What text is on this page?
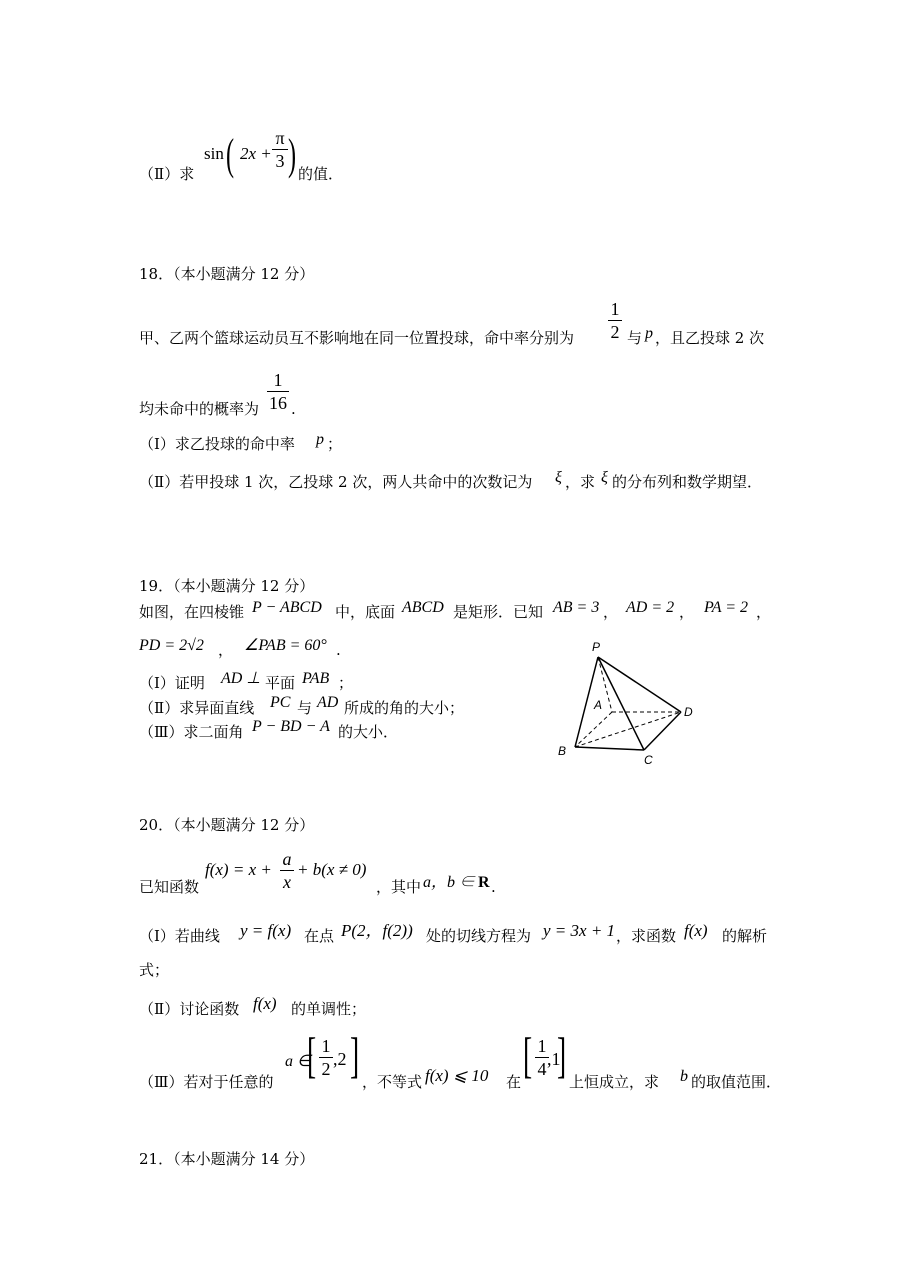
（Ⅱ）求
sin ( 2x +
π
3 ) 的值．
18．（本小题满分 12 分）
甲、乙两个篮球运动员互不影响地在同一位置投球，命中率分别为
1
2 与 p ，且乙投球 2 次
均未命中的概率为
1
16 .
（Ⅰ）求乙投球的命中率 p ；
（Ⅱ）若甲投球 1 次，乙投球 2 次，两人共命中的次数记为 ξ ，求 ξ 的分布列和数学期望．
19．（本小题满分 12 分）
如图，在四棱锥 P − ABCD 中，底面 ABCD 是矩形．已知 AB = 3 ， AD = 2 ， PA = 2 ，
PD = 2√2 ， ∠PAB = 60° .
（Ⅰ）证明 AD ⊥ 平面 PAB ；
（Ⅱ）求异面直线 PC 与 AD 所成的角的大小；
（Ⅲ）求二面角 P − BD − A 的大小．
P
A
B
C
D
20．（本小题满分 12 分）
已知函数
f(x) = x +
a
x
+ b(x ≠ 0)
，其中 a，b ∈ R .
（Ⅰ）若曲线 y = f(x) 在点 P(2，f(2)) 处的切线方程为 y = 3x + 1 ，求函数 f(x) 的解析
式；
（Ⅱ）讨论函数 f(x) 的单调性；
（Ⅲ）若对于任意的
a ∈
[ 1
2 ,2 ] ，不等式 f(x) ⩽ 10 在 [ 1
4 ,1
] 上恒成立，求 b 的取值范围．
21．（本小题满分 14 分）
